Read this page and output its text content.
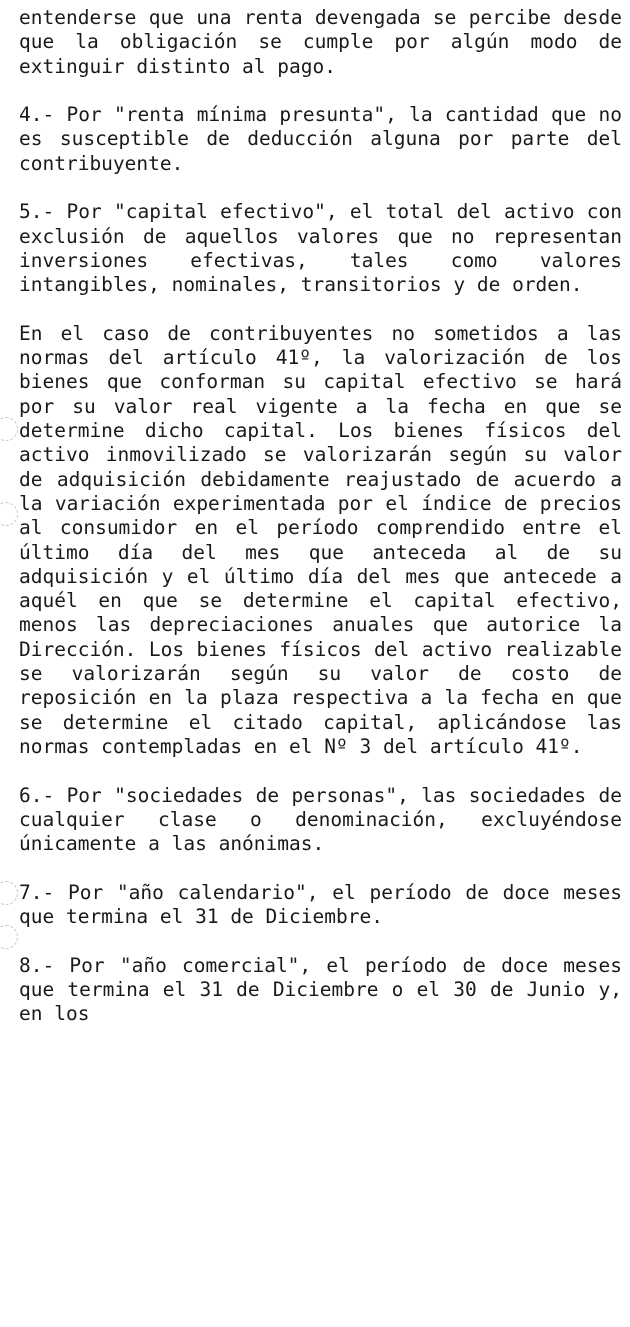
entenderse que una renta devengada se percibe desde que la obligación se cumple por algún modo de extinguir distinto al pago.

4.- Por "renta mínima presunta", la cantidad que no es susceptible de deducción alguna por parte del contribuyente.

5.- Por "capital efectivo", el total del activo con exclusión de aquellos valores que no representan inversiones efectivas, tales como valores intangibles, nominales, transitorios y de orden.

En el caso de contribuyentes no sometidos a las normas del artículo 41º, la valorización de los bienes que conforman su capital efectivo se hará por su valor real vigente a la fecha en que se determine dicho capital. Los bienes físicos del activo inmovilizado se valorizarán según su valor de adquisición debidamente reajustado de acuerdo a la variación experimentada por el índice de precios al consumidor en el período comprendido entre el último día del mes que anteceda al de su adquisición y el último día del mes que antecede a aquél en que se determine el capital efectivo, menos las depreciaciones anuales que autorice la Dirección. Los bienes físicos del activo realizable se valorizarán según su valor de costo de reposición en la plaza respectiva a la fecha en que se determine el citado capital, aplicándose las normas contempladas en el Nº 3 del artículo 41º.

6.- Por "sociedades de personas", las sociedades de cualquier clase o denominación, excluyéndose únicamente a las anónimas.

7.- Por "año calendario", el período de doce meses que termina el 31 de Diciembre.

8.- Por "año comercial", el período de doce meses que termina el 31 de Diciembre o el 30 de Junio y, en los
